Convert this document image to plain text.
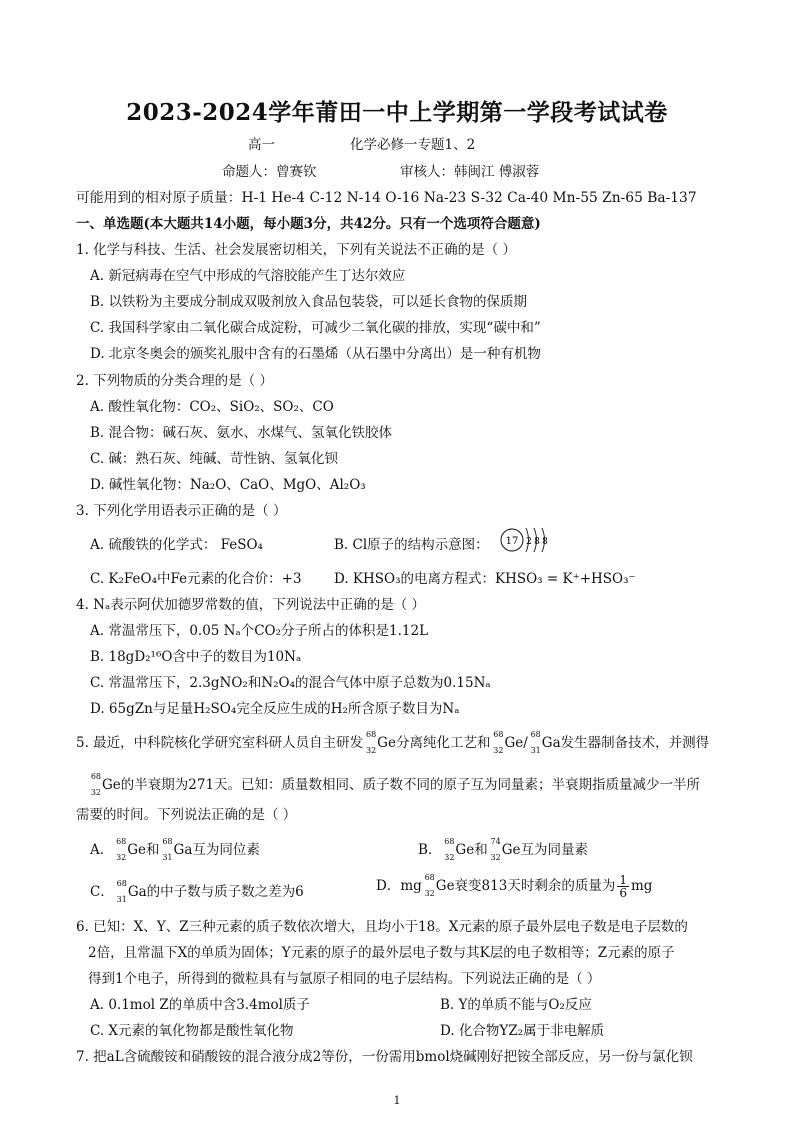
2023-2024学年莆田一中上学期第一学段考试试卷
高一	化学必修一专题1、2
命题人：曾赛钦	审核人：韩闽江 傅淑蓉
可能用到的相对原子质量：H-1 He-4 C-12 N-14 O-16 Na-23 S-32 Ca-40 Mn-55 Zn-65 Ba-137
一、单选题(本大题共14小题，每小题3分，共42分。只有一个选项符合题意)
1. 化学与科技、生活、社会发展密切相关，下列有关说法不正确的是（ ）
A. 新冠病毒在空气中形成的气溶胶能产生丁达尔效应
B. 以铁粉为主要成分制成双吸剂放入食品包装袋，可以延长食物的保质期
C. 我国科学家由二氧化碳合成淀粉，可减少二氧化碳的排放，实现“碳中和”
D. 北京冬奥会的颁奖礼服中含有的石墨烯（从石墨中分离出）是一种有机物
2. 下列物质的分类合理的是（ ）
A. 酸性氧化物：CO₂、SiO₂、SO₂、CO
B. 混合物：碱石灰、氨水、水煤气、氢氧化铁胶体
C. 碱：熟石灰、纯碱、苛性钠、氢氧化钡
D. 碱性氧化物：Na₂O、CaO、MgO、Al₂O₃
3. 下列化学用语表示正确的是（ ）
A. 硫酸铁的化学式： FeSO₄	B. Cl原子的结构示意图： 17 2 8 8
C. K₂FeO₄中Fe元素的化合价：+3 D. KHSO₃的电离方程式：KHSO₃ = K⁺+HSO₃⁻
4. Nₐ表示阿伏加德罗常数的值，下列说法中正确的是（ ）
A. 常温常压下，0.05 Nₐ个CO₂分子所占的体积是1.12L
B. 18gD₂¹⁶O含中子的数目为10Nₐ
C. 常温常压下，2.3gNO₂和N₂O₄的混合气体中原子总数为0.15Nₐ
D. 65gZn与足量H₂SO₄完全反应生成的H₂所含原子数目为Nₐ
5. 最近，中科院核化学研究室科研人员自主研发
68
32 Ge分离纯化工艺和
68
32 Ge/
68
31 Ga发生器制备技术，并测得
68
32 Ge的半衰期为271天。已知：质量数相同、质子数不同的原子互为同量素；半衰期指质量减少一半所
需要的时间。下列说法正确的是（ ）
A．
68
32 Ge和
68
31 Ga互为同位素	B．
68
32 Ge和
74
32 Ge互为同量素
C．
68
31 Ga的中子数与质子数之差为6	D．mg
68
32 Ge衰变813天时剩余的质量为 $\frac{1}{6}$ mg
6. 已知：X、Y、Z三种元素的质子数依次增大，且均小于18。X元素的原子最外层电子数是电子层数的
2倍，且常温下X的单质为固体；Y元素的原子的最外层电子数与其K层的电子数相等；Z元素的原子
得到1个电子，所得到的微粒具有与氩原子相同的电子层结构。下列说法正确的是（ ）
A. 0.1mol Z的单质中含3.4mol质子	B. Y的单质不能与O₂反应
C. X元素的氧化物都是酸性氧化物	D. 化合物YZ₂属于非电解质
7. 把aL含硫酸铵和硝酸铵的混合液分成2等份，一份需用bmol烧碱刚好把铵全部反应，另一份与氯化钡
1
